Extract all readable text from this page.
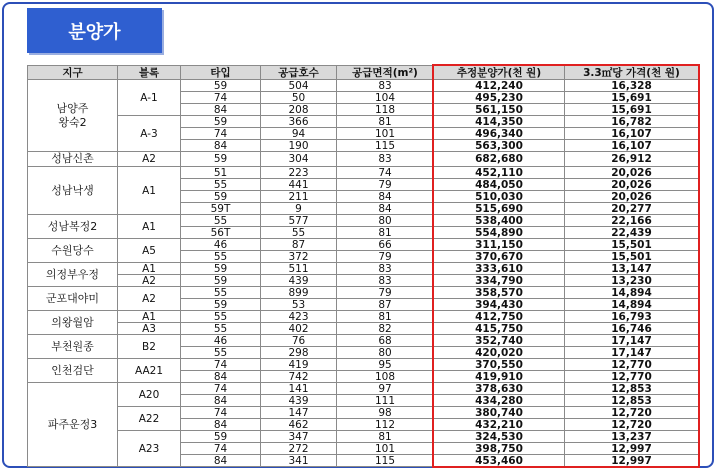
분양가
지구	블록	타입	공급호수	공급면적(m²)	추정분양가(천 원)	3.3㎡당 가격(천 원)
남양주
왕숙2	A-1	59	504	83	412,240	16,328
		74	50	104	495,230	15,691
		84	208	118	561,150	15,691
	A-3	59	366	81	414,350	16,782
		74	94	101	496,340	16,107
		84	190	115	563,300	16,107
성남신촌	A2	59	304	83	682,680	26,912
성남낙생	A1	51	223	74	452,110	20,026
		55	441	79	484,050	20,026
		59	211	84	510,030	20,026
		59T	9	84	515,690	20,277
성남복정2	A1	55	577	80	538,400	22,166
		56T	55	81	554,890	22,439
수원당수	A5	46	87	66	311,150	15,501
		55	372	79	370,670	15,501
의정부우정	A1	59	511	83	333,610	13,147
	A2	59	439	83	334,790	13,230
군포대야미	A2	55	899	79	358,570	14,894
		59	53	87	394,430	14,894
의왕월암	A1	55	423	81	412,750	16,793
	A3	55	402	82	415,750	16,746
부천원종	B2	46	76	68	352,740	17,147
		55	298	80	420,020	17,147
인천검단	AA21	74	419	95	370,550	12,770
		84	742	108	419,910	12,770
파주운정3	A20	74	141	97	378,630	12,853
		84	439	111	434,280	12,853
	A22	74	147	98	380,740	12,720
		84	462	112	432,210	12,720
	A23	59	347	81	324,530	13,237
		74	272	101	398,750	12,997
		84	341	115	453,460	12,997
